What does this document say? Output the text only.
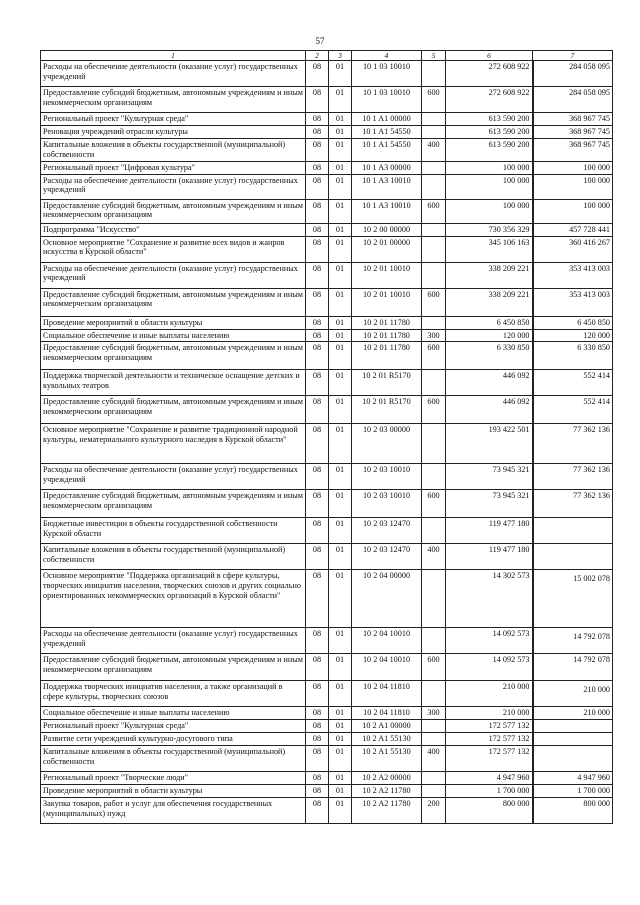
57
1	2	3	4	5	6	7
Расходы на обеспечение деятельности (оказание услуг) государственных учреждений	08	01	10 1 03 10010		272 608 922	284 058 095
Предоставление субсидий бюджетным, автономным учреждениям и иным некоммерческим организациям	08	01	10 1 03 10010	600	272 608 922	284 058 095
Региональный проект "Культурная среда"	08	01	10 1 A1 00000		613 590 200	368 967 745
Реновация учреждений отрасли культуры	08	01	10 1 A1 54550		613 590 200	368 967 745
Капитальные вложения в объекты государственной (муниципальной) собственности	08	01	10 1 A1 54550	400	613 590 200	368 967 745
Региональный проект "Цифровая культура"	08	01	10 1 A3 00000		100 000	100 000
Расходы на обеспечение деятельности (оказание услуг) государственных учреждений	08	01	10 1 A3 10010		100 000	100 000
Предоставление субсидий бюджетным, автономным учреждениям и иным некоммерческим организациям	08	01	10 1 A3 10010	600	100 000	100 000
Подпрограмма "Искусство"	08	01	10 2 00 00000		730 356 329	457 728 441
Основное мероприятие "Сохранение и развитие всех видов и жанров искусства в Курской области"	08	01	10 2 01 00000		345 106 163	360 416 267
Расходы на обеспечение деятельности (оказание услуг) государственных учреждений	08	01	10 2 01 10010		338 209 221	353 413 003
Предоставление субсидий бюджетным, автономным учреждениям и иным некоммерческим организациям	08	01	10 2 01 10010	600	338 209 221	353 413 003
Проведение мероприятий в области культуры	08	01	10 2 01 11780		6 450 850	6 450 850
Социальное обеспечение и иные выплаты населению	08	01	10 2 01 11780	300	120 000	120 000
Предоставление субсидий бюджетным, автономным учреждениям и иным некоммерческим организациям	08	01	10 2 01 11780	600	6 330 850	6 330 850
Поддержка творческой деятельности и техническое оснащение детских и кукольных театров	08	01	10 2 01 R5170		446 092	552 414
Предоставление субсидий бюджетным, автономным учреждениям и иным некоммерческим организациям	08	01	10 2 01 R5170	600	446 092	552 414
Основное мероприятие "Сохранение и развитие традиционной народной культуры, нематериального культурного наследия в Курской области"	08	01	10 2 03 00000		193 422 501	77 362 136
Расходы на обеспечение деятельности (оказание услуг) государственных учреждений	08	01	10 2 03 10010		73 945 321	77 362 136
Предоставление субсидий бюджетным, автономным учреждениям и иным некоммерческим организациям	08	01	10 2 03 10010	600	73 945 321	77 362 136
Бюджетные инвестиции в объекты государственной собственности Курской области	08	01	10 2 03 12470		119 477 180	
Капитальные вложения в объекты государственной (муниципальной) собственности	08	01	10 2 03 12470	400	119 477 180	
Основное мероприятие "Поддержка организаций в сфере культуры, творческих инициатив населения, творческих союзов и других социально ориентированных некоммерческих организаций в Курской области"	08	01	10 2 04 00000		14 302 573	15 002 078
Расходы на обеспечение деятельности (оказание услуг) государственных учреждений	08	01	10 2 04 10010		14 092 573	14 792 078
Предоставление субсидий бюджетным, автономным учреждениям и иным некоммерческим организациям	08	01	10 2 04 10010	600	14 092 573	14 792 078
Поддержка творческих инициатив населения, а также организаций в сфере культуры, творческих союзов	08	01	10 2 04 11810		210 000	210 000
Социальное обеспечение и иные выплаты населению	08	01	10 2 04 11810	300	210 000	210 000
Региональный проект "Культурная среда"	08	01	10 2 A1 00000		172 577 132	
Развитие сети учреждений культурно-досугового типа	08	01	10 2 A1 55130		172 577 132	
Капитальные вложения в объекты государственной (муниципальной) собственности	08	01	10 2 A1 55130	400	172 577 132	
Региональный проект "Творческие люди"	08	01	10 2 A2 00000		4 947 960	4 947 960
Проведение мероприятий в области культуры	08	01	10 2 A2 11780		1 700 000	1 700 000
Закупка товаров, работ и услуг для обеспечения государственных (муниципальных) нужд	08	01	10 2 A2 11780	200	800 000	800 000
